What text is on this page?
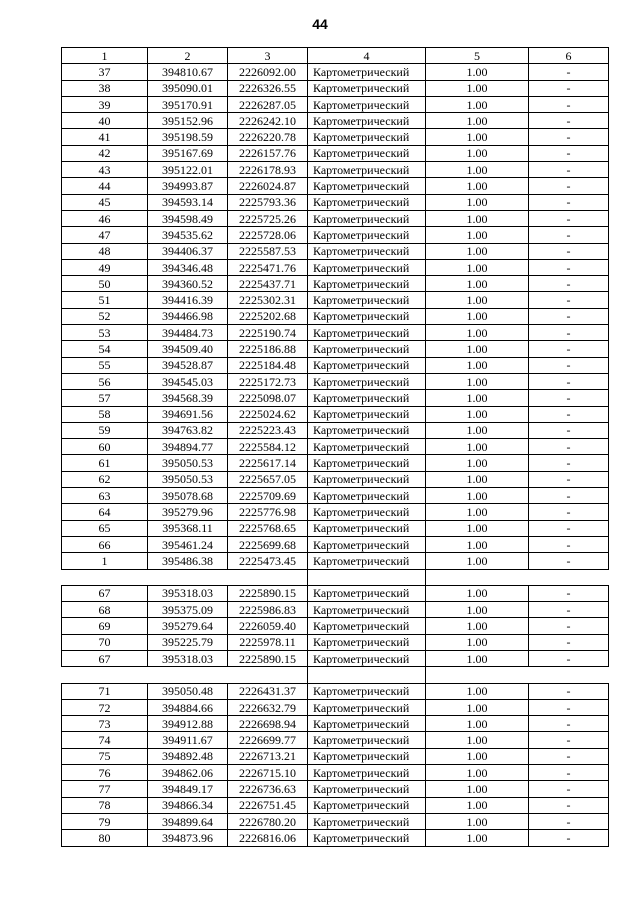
44
1	2	3	4	5	6
37	394810.67	2226092.00	Картометрический	1.00	-
38	395090.01	2226326.55	Картометрический	1.00	-
39	395170.91	2226287.05	Картометрический	1.00	-
40	395152.96	2226242.10	Картометрический	1.00	-
41	395198.59	2226220.78	Картометрический	1.00	-
42	395167.69	2226157.76	Картометрический	1.00	-
43	395122.01	2226178.93	Картометрический	1.00	-
44	394993.87	2226024.87	Картометрический	1.00	-
45	394593.14	2225793.36	Картометрический	1.00	-
46	394598.49	2225725.26	Картометрический	1.00	-
47	394535.62	2225728.06	Картометрический	1.00	-
48	394406.37	2225587.53	Картометрический	1.00	-
49	394346.48	2225471.76	Картометрический	1.00	-
50	394360.52	2225437.71	Картометрический	1.00	-
51	394416.39	2225302.31	Картометрический	1.00	-
52	394466.98	2225202.68	Картометрический	1.00	-
53	394484.73	2225190.74	Картометрический	1.00	-
54	394509.40	2225186.88	Картометрический	1.00	-
55	394528.87	2225184.48	Картометрический	1.00	-
56	394545.03	2225172.73	Картометрический	1.00	-
57	394568.39	2225098.07	Картометрический	1.00	-
58	394691.56	2225024.62	Картометрический	1.00	-
59	394763.82	2225223.43	Картометрический	1.00	-
60	394894.77	2225584.12	Картометрический	1.00	-
61	395050.53	2225617.14	Картометрический	1.00	-
62	395050.53	2225657.05	Картометрический	1.00	-
63	395078.68	2225709.69	Картометрический	1.00	-
64	395279.96	2225776.98	Картометрический	1.00	-
65	395368.11	2225768.65	Картометрический	1.00	-
66	395461.24	2225699.68	Картометрический	1.00	-
1	395486.38	2225473.45	Картометрический	1.00	-

67	395318.03	2225890.15	Картометрический	1.00	-
68	395375.09	2225986.83	Картометрический	1.00	-
69	395279.64	2226059.40	Картометрический	1.00	-
70	395225.79	2225978.11	Картометрический	1.00	-
67	395318.03	2225890.15	Картометрический	1.00	-

71	395050.48	2226431.37	Картометрический	1.00	-
72	394884.66	2226632.79	Картометрический	1.00	-
73	394912.88	2226698.94	Картометрический	1.00	-
74	394911.67	2226699.77	Картометрический	1.00	-
75	394892.48	2226713.21	Картометрический	1.00	-
76	394862.06	2226715.10	Картометрический	1.00	-
77	394849.17	2226736.63	Картометрический	1.00	-
78	394866.34	2226751.45	Картометрический	1.00	-
79	394899.64	2226780.20	Картометрический	1.00	-
80	394873.96	2226816.06	Картометрический	1.00	-
